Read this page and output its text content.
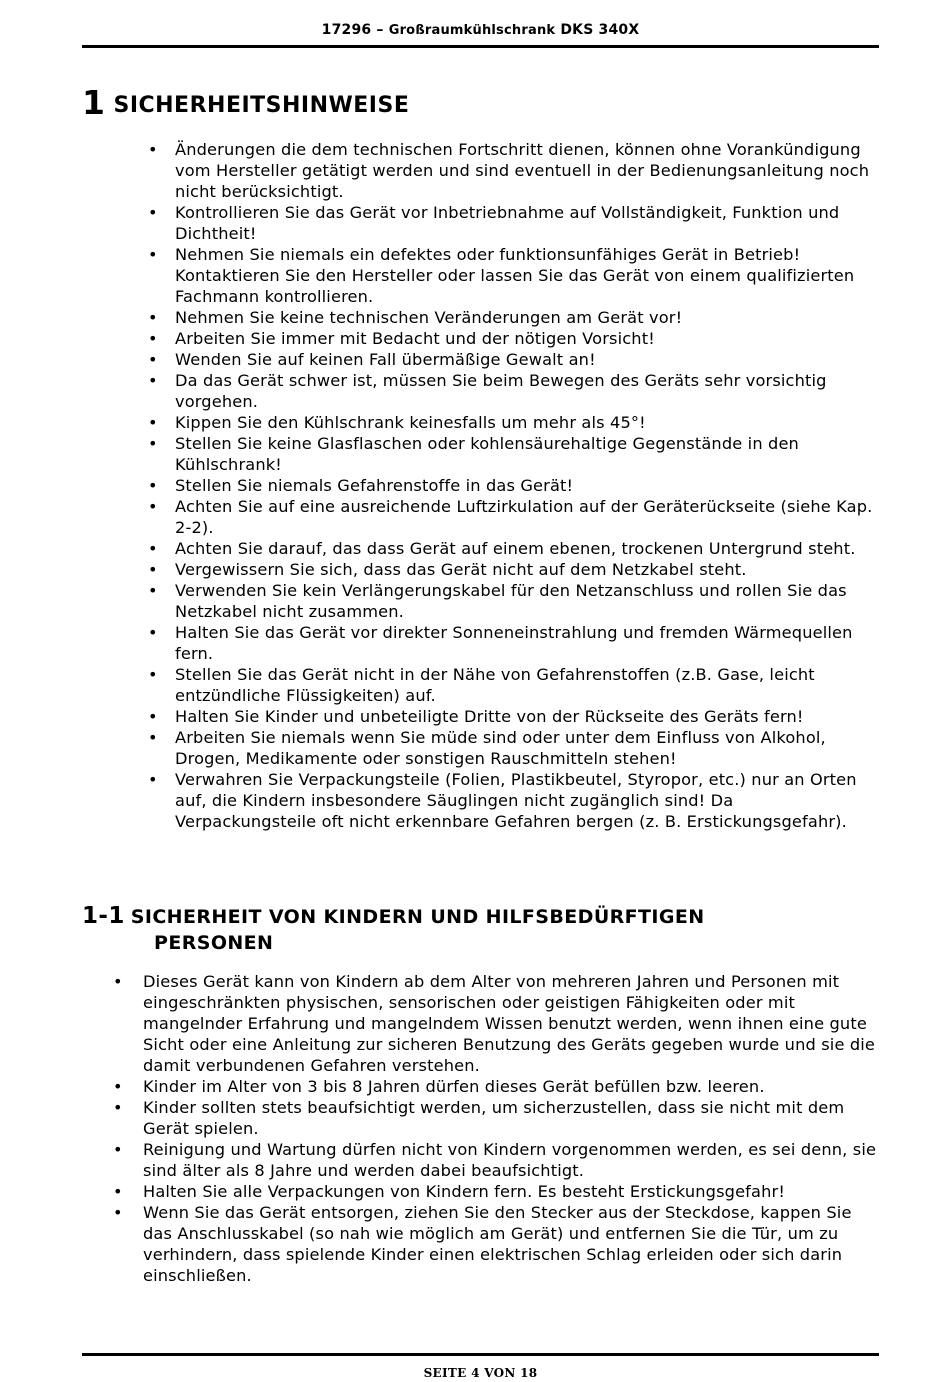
17296 – Großraumkühlschrank DKS 340X
1 SICHERHEITSHINWEISE
• Änderungen die dem technischen Fortschritt dienen, können ohne Vorankündigung vom Hersteller getätigt werden und sind eventuell in der Bedienungsanleitung noch nicht berücksichtigt.
• Kontrollieren Sie das Gerät vor Inbetriebnahme auf Vollständigkeit, Funktion und Dichtheit!
• Nehmen Sie niemals ein defektes oder funktionsunfähiges Gerät in Betrieb! Kontaktieren Sie den Hersteller oder lassen Sie das Gerät von einem qualifizierten Fachmann kontrollieren.
• Nehmen Sie keine technischen Veränderungen am Gerät vor!
• Arbeiten Sie immer mit Bedacht und der nötigen Vorsicht!
• Wenden Sie auf keinen Fall übermäßige Gewalt an!
• Da das Gerät schwer ist, müssen Sie beim Bewegen des Geräts sehr vorsichtig vorgehen.
• Kippen Sie den Kühlschrank keinesfalls um mehr als 45°!
• Stellen Sie keine Glasflaschen oder kohlensäurehaltige Gegenstände in den Kühlschrank!
• Stellen Sie niemals Gefahrenstoffe in das Gerät!
• Achten Sie auf eine ausreichende Luftzirkulation auf der Geräterückseite (siehe Kap. 2-2).
• Achten Sie darauf, das dass Gerät auf einem ebenen, trockenen Untergrund steht.
• Vergewissern Sie sich, dass das Gerät nicht auf dem Netzkabel steht.
• Verwenden Sie kein Verlängerungskabel für den Netzanschluss und rollen Sie das Netzkabel nicht zusammen.
• Halten Sie das Gerät vor direkter Sonneneinstrahlung und fremden Wärmequellen fern.
• Stellen Sie das Gerät nicht in der Nähe von Gefahrenstoffen (z.B. Gase, leicht entzündliche Flüssigkeiten) auf.
• Halten Sie Kinder und unbeteiligte Dritte von der Rückseite des Geräts fern!
• Arbeiten Sie niemals wenn Sie müde sind oder unter dem Einfluss von Alkohol, Drogen, Medikamente oder sonstigen Rauschmitteln stehen!
• Verwahren Sie Verpackungsteile (Folien, Plastikbeutel, Styropor, etc.) nur an Orten auf, die Kindern insbesondere Säuglingen nicht zugänglich sind! Da Verpackungsteile oft nicht erkennbare Gefahren bergen (z. B. Erstickungsgefahr).
1-1 SICHERHEIT VON KINDERN UND HILFSBEDÜRFTIGEN
PERSONEN
• Dieses Gerät kann von Kindern ab dem Alter von mehreren Jahren und Personen mit eingeschränkten physischen, sensorischen oder geistigen Fähigkeiten oder mit mangelnder Erfahrung und mangelndem Wissen benutzt werden, wenn ihnen eine gute Sicht oder eine Anleitung zur sicheren Benutzung des Geräts gegeben wurde und sie die damit verbundenen Gefahren verstehen.
• Kinder im Alter von 3 bis 8 Jahren dürfen dieses Gerät befüllen bzw. leeren.
• Kinder sollten stets beaufsichtigt werden, um sicherzustellen, dass sie nicht mit dem Gerät spielen.
• Reinigung und Wartung dürfen nicht von Kindern vorgenommen werden, es sei denn, sie sind älter als 8 Jahre und werden dabei beaufsichtigt.
• Halten Sie alle Verpackungen von Kindern fern. Es besteht Erstickungsgefahr!
• Wenn Sie das Gerät entsorgen, ziehen Sie den Stecker aus der Steckdose, kappen Sie das Anschlusskabel (so nah wie möglich am Gerät) und entfernen Sie die Tür, um zu verhindern, dass spielende Kinder einen elektrischen Schlag erleiden oder sich darin einschließen.
SEITE 4 VON 18
